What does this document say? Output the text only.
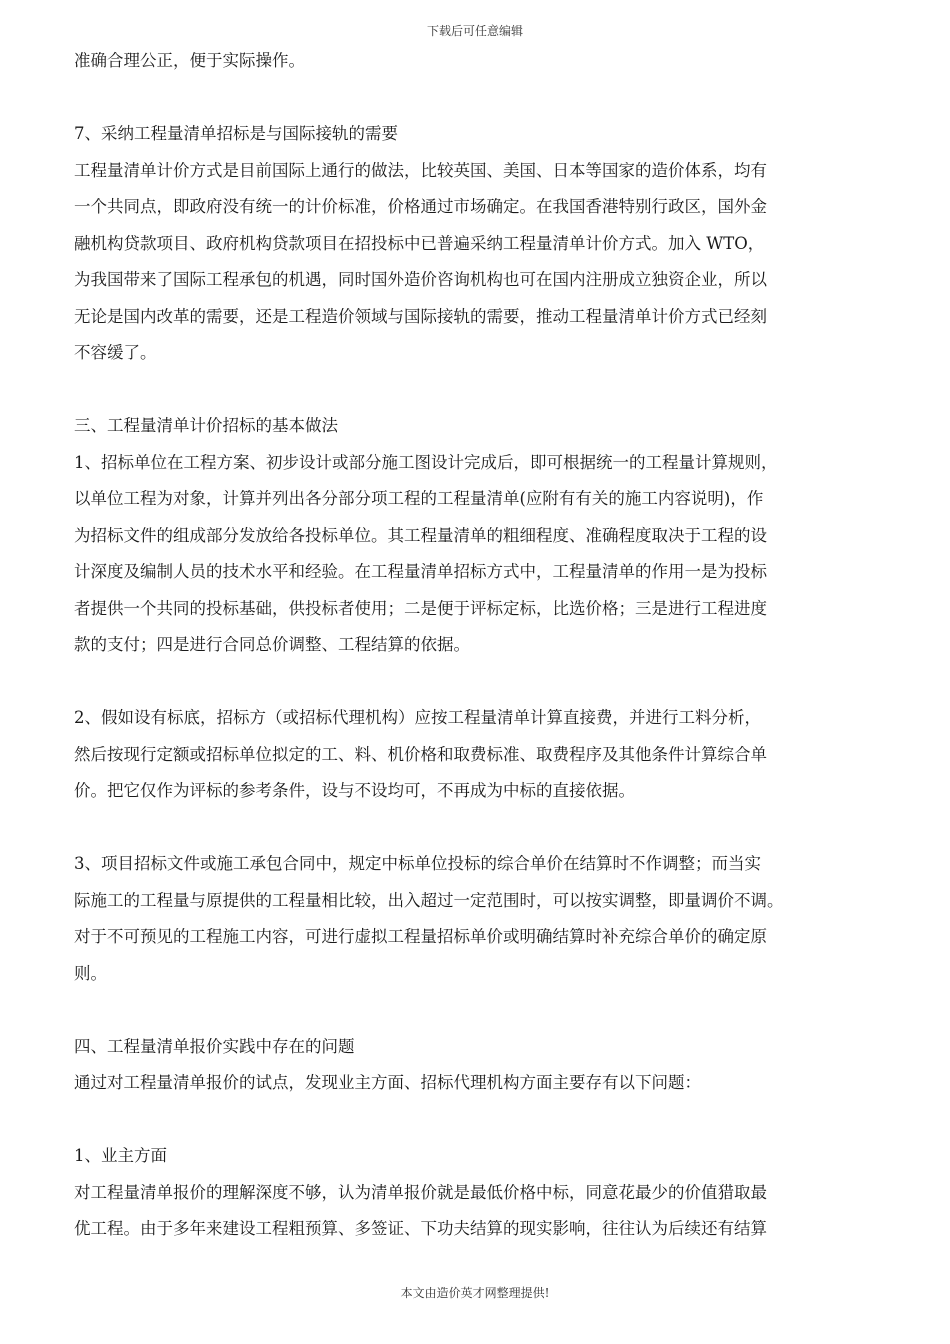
下载后可任意编辑
准确合理公正，便于实际操作。
7、采纳工程量清单招标是与国际接轨的需要
工程量清单计价方式是目前国际上通行的做法，比较英国、美国、日本等国家的造价体系，均有
一个共同点，即政府没有统一的计价标准，价格通过市场确定。在我国香港特别行政区，国外金
融机构贷款项目、政府机构贷款项目在招投标中已普遍采纳工程量清单计价方式。加入 WTO，
为我国带来了国际工程承包的机遇，同时国外造价咨询机构也可在国内注册成立独资企业，所以
无论是国内改革的需要，还是工程造价领域与国际接轨的需要，推动工程量清单计价方式已经刻
不容缓了。
三、工程量清单计价招标的基本做法
1、招标单位在工程方案、初步设计或部分施工图设计完成后，即可根据统一的工程量计算规则，
以单位工程为对象，计算并列出各分部分项工程的工程量清单(应附有有关的施工内容说明)，作
为招标文件的组成部分发放给各投标单位。其工程量清单的粗细程度、准确程度取决于工程的设
计深度及编制人员的技术水平和经验。在工程量清单招标方式中，工程量清单的作用一是为投标
者提供一个共同的投标基础，供投标者使用；二是便于评标定标，比选价格；三是进行工程进度
款的支付；四是进行合同总价调整、工程结算的依据。
2、假如设有标底，招标方（或招标代理机构）应按工程量清单计算直接费，并进行工料分析，
然后按现行定额或招标单位拟定的工、料、机价格和取费标准、取费程序及其他条件计算综合单
价。把它仅作为评标的参考条件，设与不设均可，不再成为中标的直接依据。
3、项目招标文件或施工承包合同中，规定中标单位投标的综合单价在结算时不作调整；而当实
际施工的工程量与原提供的工程量相比较，出入超过一定范围时，可以按实调整，即量调价不调。
对于不可预见的工程施工内容，可进行虚拟工程量招标单价或明确结算时补充综合单价的确定原
则。
四、工程量清单报价实践中存在的问题
通过对工程量清单报价的试点，发现业主方面、招标代理机构方面主要存有以下问题：
1、业主方面
对工程量清单报价的理解深度不够，认为清单报价就是最低价格中标，同意花最少的价值猎取最
优工程。由于多年来建设工程粗预算、多签证、下功夫结算的现实影响，往往认为后续还有结算
本文由造价英才网整理提供!
